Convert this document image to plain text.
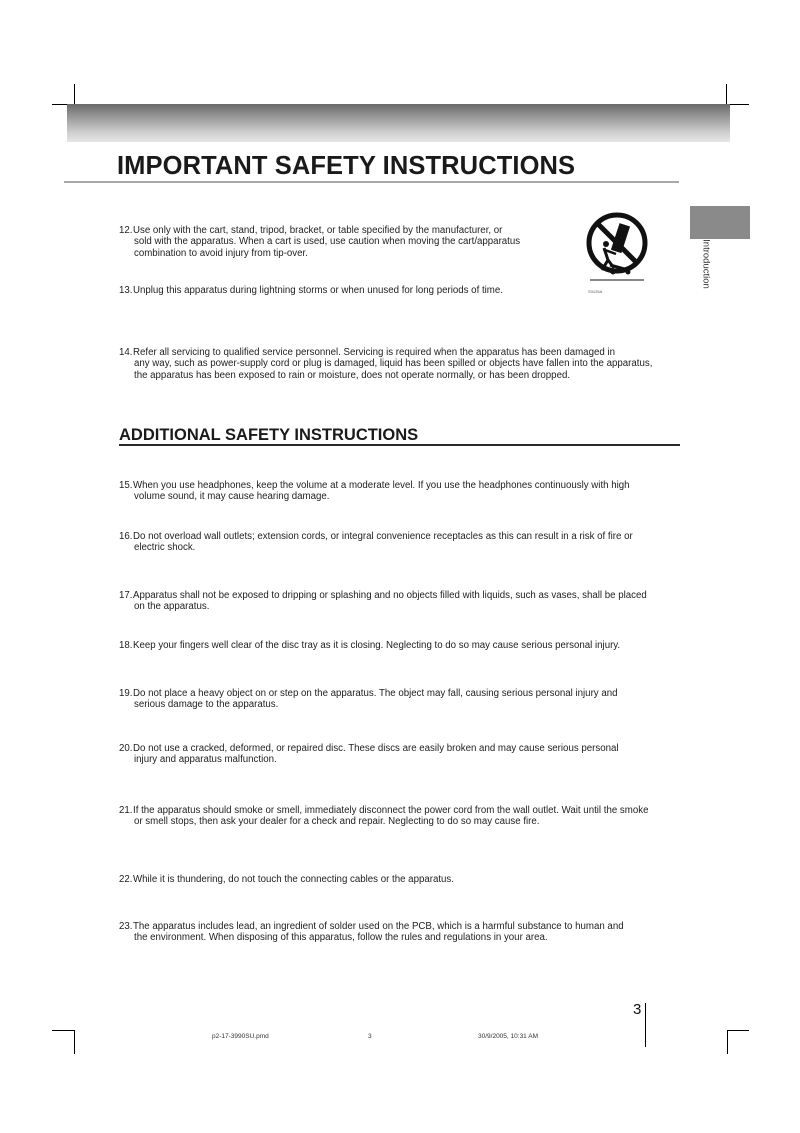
IMPORTANT SAFETY INSTRUCTIONS
Introduction
12.Use only with the cart, stand, tripod, bracket, or table specified by the manufacturer, or
sold with the apparatus. When a cart is used, use caution when moving the cart/apparatus
combination to avoid injury from tip-over.
S3125A
13.Unplug this apparatus during lightning storms or when unused for long periods of time.
14.Refer all servicing to qualified service personnel. Servicing is required when the apparatus has been damaged in
any way, such as power-supply cord or plug is damaged, liquid has been spilled or objects have fallen into the apparatus,
the apparatus has been exposed to rain or moisture, does not operate normally, or has been dropped.
ADDITIONAL SAFETY INSTRUCTIONS
15.When you use headphones, keep the volume at a moderate level. If you use the headphones continuously with high
volume sound, it may cause hearing damage.
16.Do not overload wall outlets; extension cords, or integral convenience receptacles as this can result in a risk of fire or
electric shock.
17.Apparatus shall not be exposed to dripping or splashing and no objects filled with liquids, such as vases, shall be placed
on the apparatus.
18.Keep your fingers well clear of the disc tray as it is closing. Neglecting to do so may cause serious personal injury.
19.Do not place a heavy object on or step on the apparatus. The object may fall, causing serious personal injury and
serious damage to the apparatus.
20.Do not use a cracked, deformed, or repaired disc. These discs are easily broken and may cause serious personal
injury and apparatus malfunction.
21.If the apparatus should smoke or smell, immediately disconnect the power cord from the wall outlet. Wait until the smoke
or smell stops, then ask your dealer for a check and repair. Neglecting to do so may cause fire.
22.While it is thundering, do not touch the connecting cables or the apparatus.
23.The apparatus includes lead, an ingredient of solder used on the PCB, which is a harmful substance to human and
the environment. When disposing of this apparatus, follow the rules and regulations in your area.
3
p2-17-3990SU.pmd	3	30/9/2005, 10:31 AM
